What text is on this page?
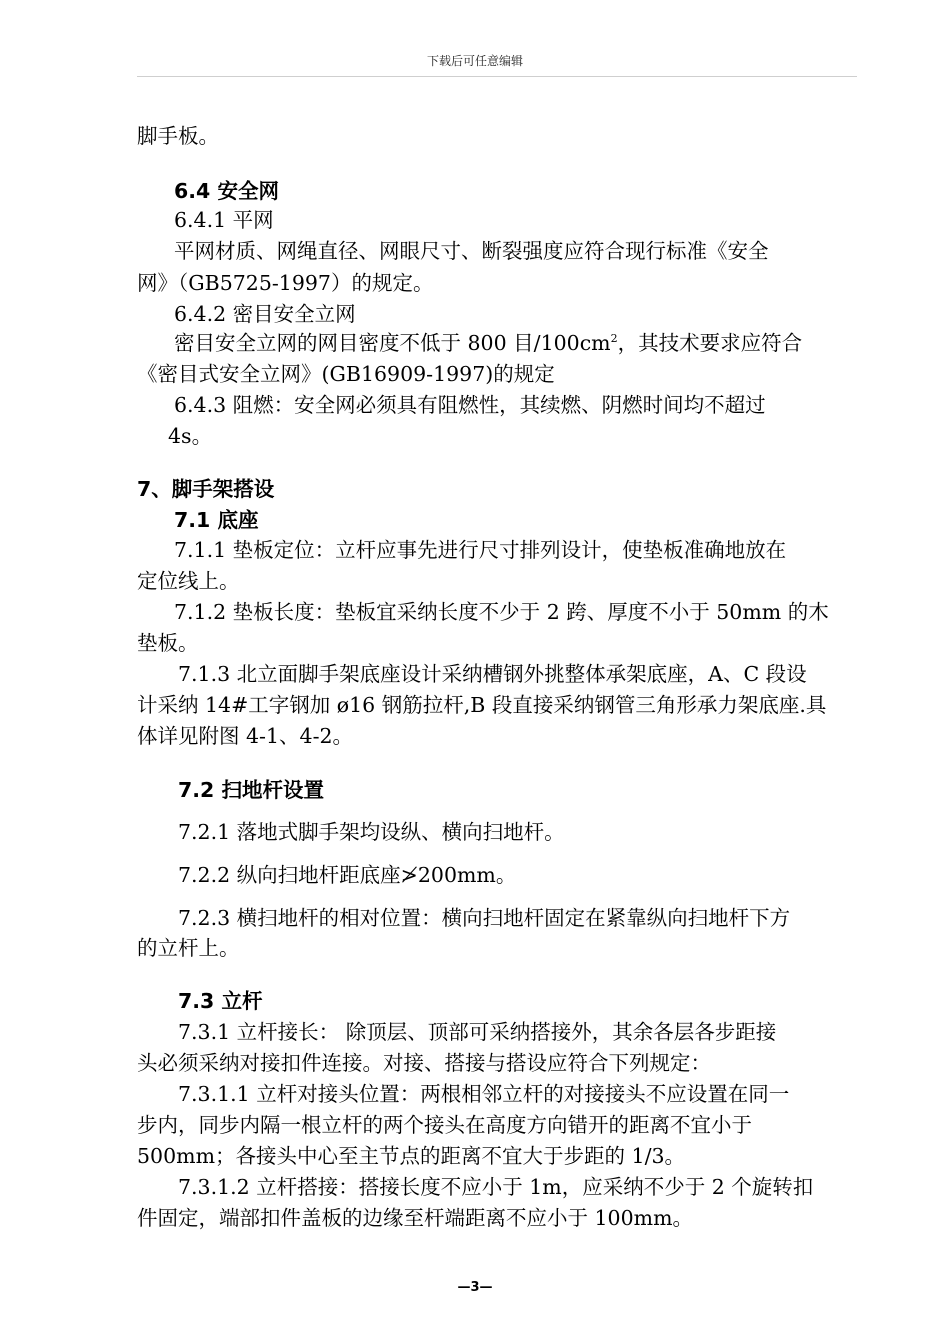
下载后可任意编辑
脚手板。
6.4 安全网
6.4.1 平网
平网材质、网绳直径、网眼尺寸、断裂强度应符合现行标准《安全
网》（GB5725-1997）的规定。
6.4.2 密目安全立网
密目安全立网的网目密度不低于 800 目$/100cm^2$，其技术要求应符合
《密目式安全立网》(GB16909-1997)的规定
6.4.3 阻燃：安全网必须具有阻燃性，其续燃、阴燃时间均不超过
4s。
7、脚手架搭设
7.1 底座
7.1.1 垫板定位：立杆应事先进行尺寸排列设计，使垫板准确地放在
定位线上。
7.1.2 垫板长度：垫板宜采纳长度不少于 2 跨、厚度不小于 50mm 的木
垫板。
7.1.3 北立面脚手架底座设计采纳槽钢外挑整体承架底座，A、C 段设
计采纳 14#工字钢加 ø16 钢筋拉杆,B 段直接采纳钢管三角形承力架底座.具
体详见附图 4-1、4-2。
7.2 扫地杆设置
7.2.1 落地式脚手架均设纵、横向扫地杆。
7.2.2 纵向扫地杆距底座≯200mm。
7.2.3 横扫地杆的相对位置：横向扫地杆固定在紧靠纵向扫地杆下方
的立杆上。
7.3 立杆
7.3.1 立杆接长： 除顶层、顶部可采纳搭接外，其余各层各步距接
头必须采纳对接扣件连接。对接、搭接与搭设应符合下列规定：
7.3.1.1 立杆对接头位置：两根相邻立杆的对接接头不应设置在同一
步内，同步内隔一根立杆的两个接头在高度方向错开的距离不宜小于
500mm；各接头中心至主节点的距离不宜大于步距的 1/3。
7.3.1.2 立杆搭接：搭接长度不应小于 1m，应采纳不少于 2 个旋转扣
件固定，端部扣件盖板的边缘至杆端距离不应小于 100mm。
—3—
